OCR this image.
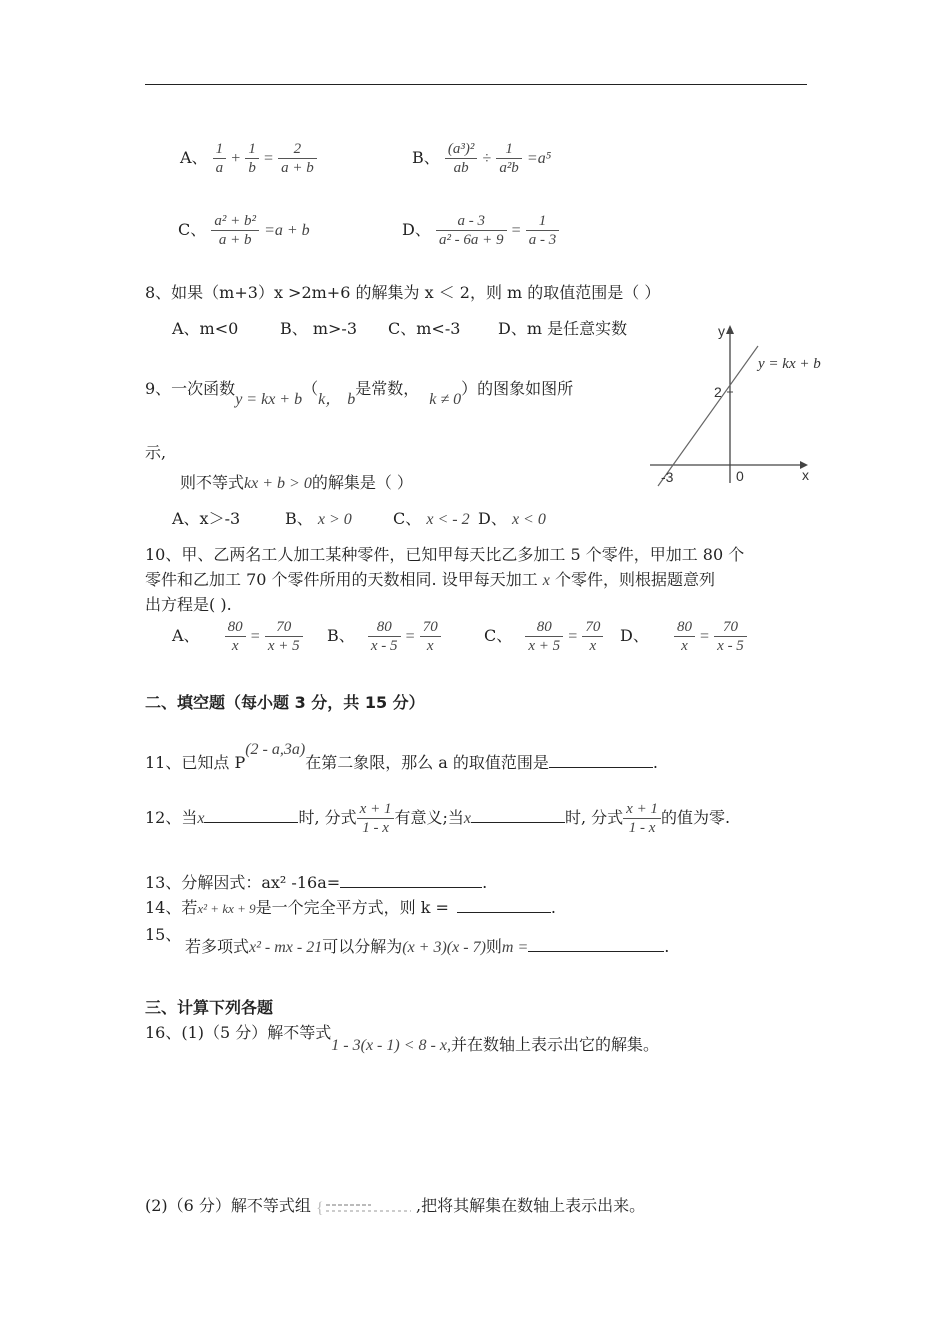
A、 $\frac{1}{a} + \frac{1}{b} = \frac{2}{a + b}$	B、 $\frac{\text{(a³)²}}{ab} \div \frac{1}{\text{a²b}} =a^5$
C、 $\frac{\text{a² + b²}}{a + b} =a + b$	D、 $\frac{a - 3}{\text{a² - 6a + 9}} = \frac{1}{a - 3}$
8、如果（m+3）x >2m+6 的解集为 x ＜ 2，则 m 的取值范围是（ ）
A、m<0	B、 m>-3 C、m<-3 D、m 是任意实数
9、一次函数y = kx + b（k， b是常数，k ≠ 0）的图象如图所
示,
则不等式kx + b > 0的解集是（ ）
A、x＞-3	B、 x > 0	C、 x < - 2 D、 x < 0
y
x
y = kx + b
2
-3	0
10、甲、乙两名工人加工某种零件，已知甲每天比乙多加工 5 个零件，甲加工 80 个
零件和乙加工 70 个零件所用的天数相同. 设甲每天加工 x 个零件，则根据题意列
出方程是( ).
A、 $\frac{80}{x} = \frac{70}{x + 5}$ B、 $\frac{80}{x - 5} = \frac{70}{x}$	C、 $\frac{80}{x + 5} = \frac{70}{x}$ D、 $\frac{80}{x} = \frac{70}{x - 5}$
二、填空题（每小题 3 分，共 15 分）
11、已知点 P(2 - a,3a)在第二象限，那么 a 的取值范围是	.
12、当x	时, 分式 $\frac{x + 1}{1 - x}$ 有意义;当x	时, 分式 $\frac{x + 1}{1 - x}$ 的值为零.
13、分解因式：ax² -16a=	.
14、若x² + kx + 9是一个完全平方式，则 k =	.
15、
若多项式x² - mx - 21可以分解为(x + 3)(x - 7)则m =	.
三、计算下列各题
16、(1)（5 分）解不等式1 - 3(x - 1) < 8 - x,并在数轴上表示出它的解集。
(2)（6 分）解不等式组 {	,把将其解集在数轴上表示出来。
